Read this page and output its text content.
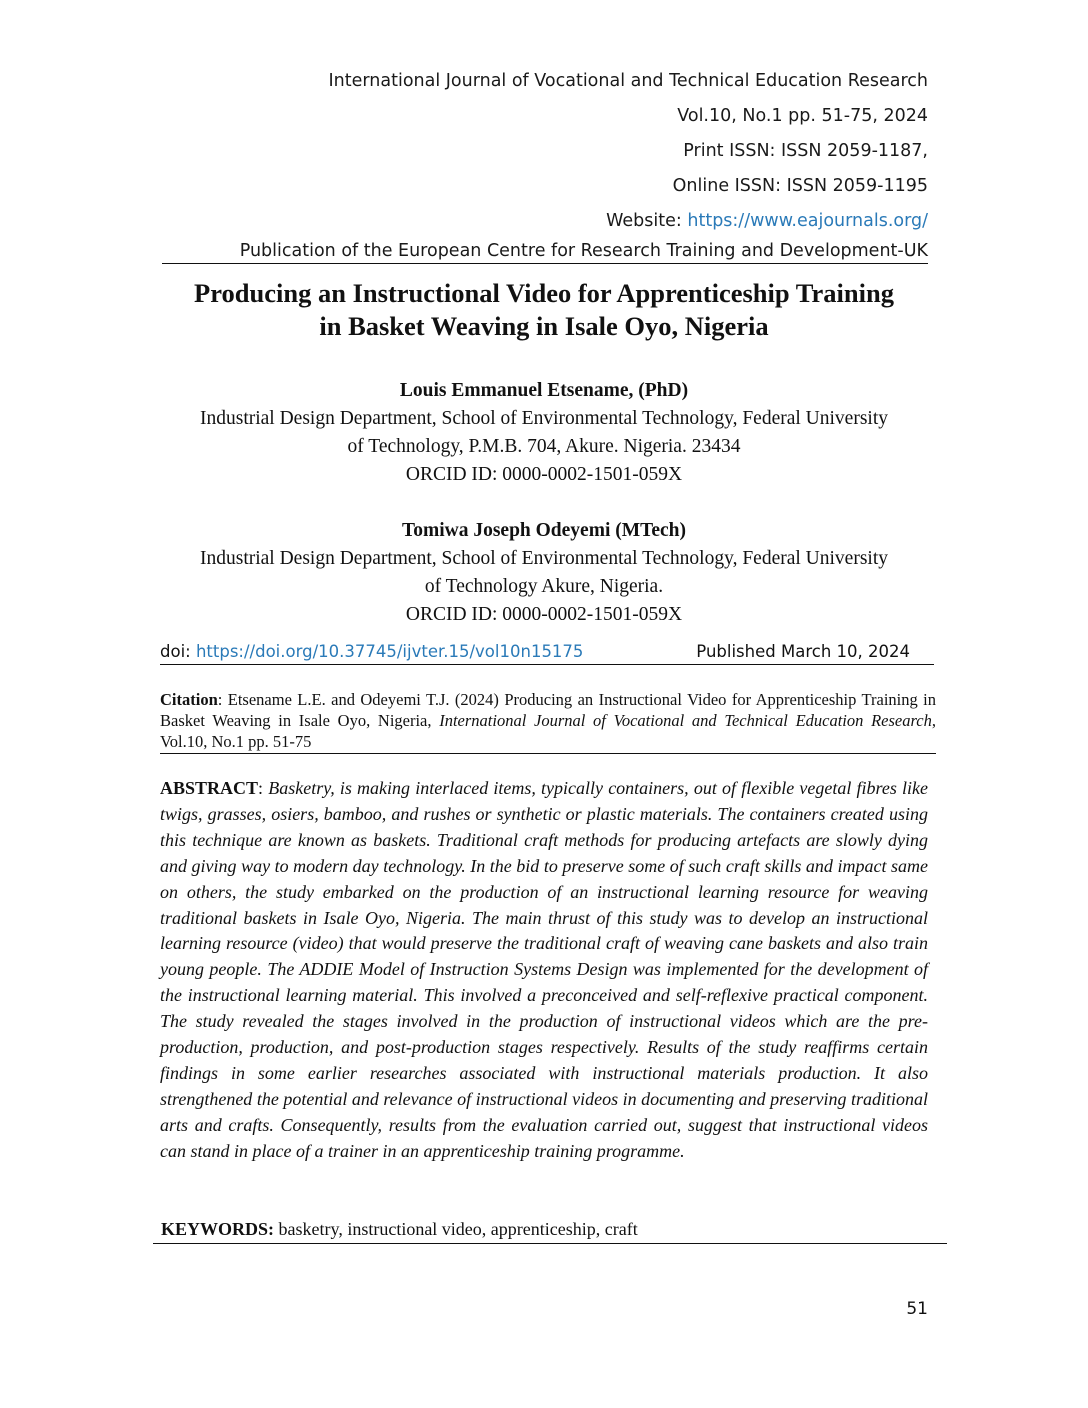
International Journal of Vocational and Technical Education Research
Vol.10, No.1 pp. 51-75, 2024
Print ISSN: ISSN 2059-1187,
Online ISSN: ISSN 2059-1195
Website: https://www.eajournals.org/
Publication of the European Centre for Research Training and Development-UK
Producing an Instructional Video for Apprenticeship Training
in Basket Weaving in Isale Oyo, Nigeria
Louis Emmanuel Etsename, (PhD)
Industrial Design Department, School of Environmental Technology, Federal University
of Technology, P.M.B. 704, Akure. Nigeria. 23434
ORCID ID: 0000-0002-1501-059X
Tomiwa Joseph Odeyemi (MTech)
Industrial Design Department, School of Environmental Technology, Federal University
of Technology Akure, Nigeria.
ORCID ID: 0000-0002-1501-059X
doi: https://doi.org/10.37745/ijvter.15/vol10n15175	Published March 10, 2024
Citation: Etsename L.E. and Odeyemi T.J. (2024) Producing an Instructional Video for Apprenticeship Training in Basket Weaving in Isale Oyo, Nigeria, International Journal of Vocational and Technical Education Research, Vol.10, No.1 pp. 51-75
ABSTRACT: Basketry, is making interlaced items, typically containers, out of flexible vegetal fibres like twigs, grasses, osiers, bamboo, and rushes or synthetic or plastic materials. The containers created using this technique are known as baskets. Traditional craft methods for producing artefacts are slowly dying and giving way to modern day technology. In the bid to preserve some of such craft skills and impact same on others, the study embarked on the production of an instructional learning resource for weaving traditional baskets in Isale Oyo, Nigeria. The main thrust of this study was to develop an instructional learning resource (video) that would preserve the traditional craft of weaving cane baskets and also train young people. The ADDIE Model of Instruction Systems Design was implemented for the development of the instructional learning material. This involved a preconceived and self-reflexive practical component. The study revealed the stages involved in the production of instructional videos which are the pre-production, production, and post-production stages respectively. Results of the study reaffirms certain findings in some earlier researches associated with instructional materials production. It also strengthened the potential and relevance of instructional videos in documenting and preserving traditional arts and crafts. Consequently, results from the evaluation carried out, suggest that instructional videos can stand in place of a trainer in an apprenticeship training programme.
KEYWORDS: basketry, instructional video, apprenticeship, craft
51
